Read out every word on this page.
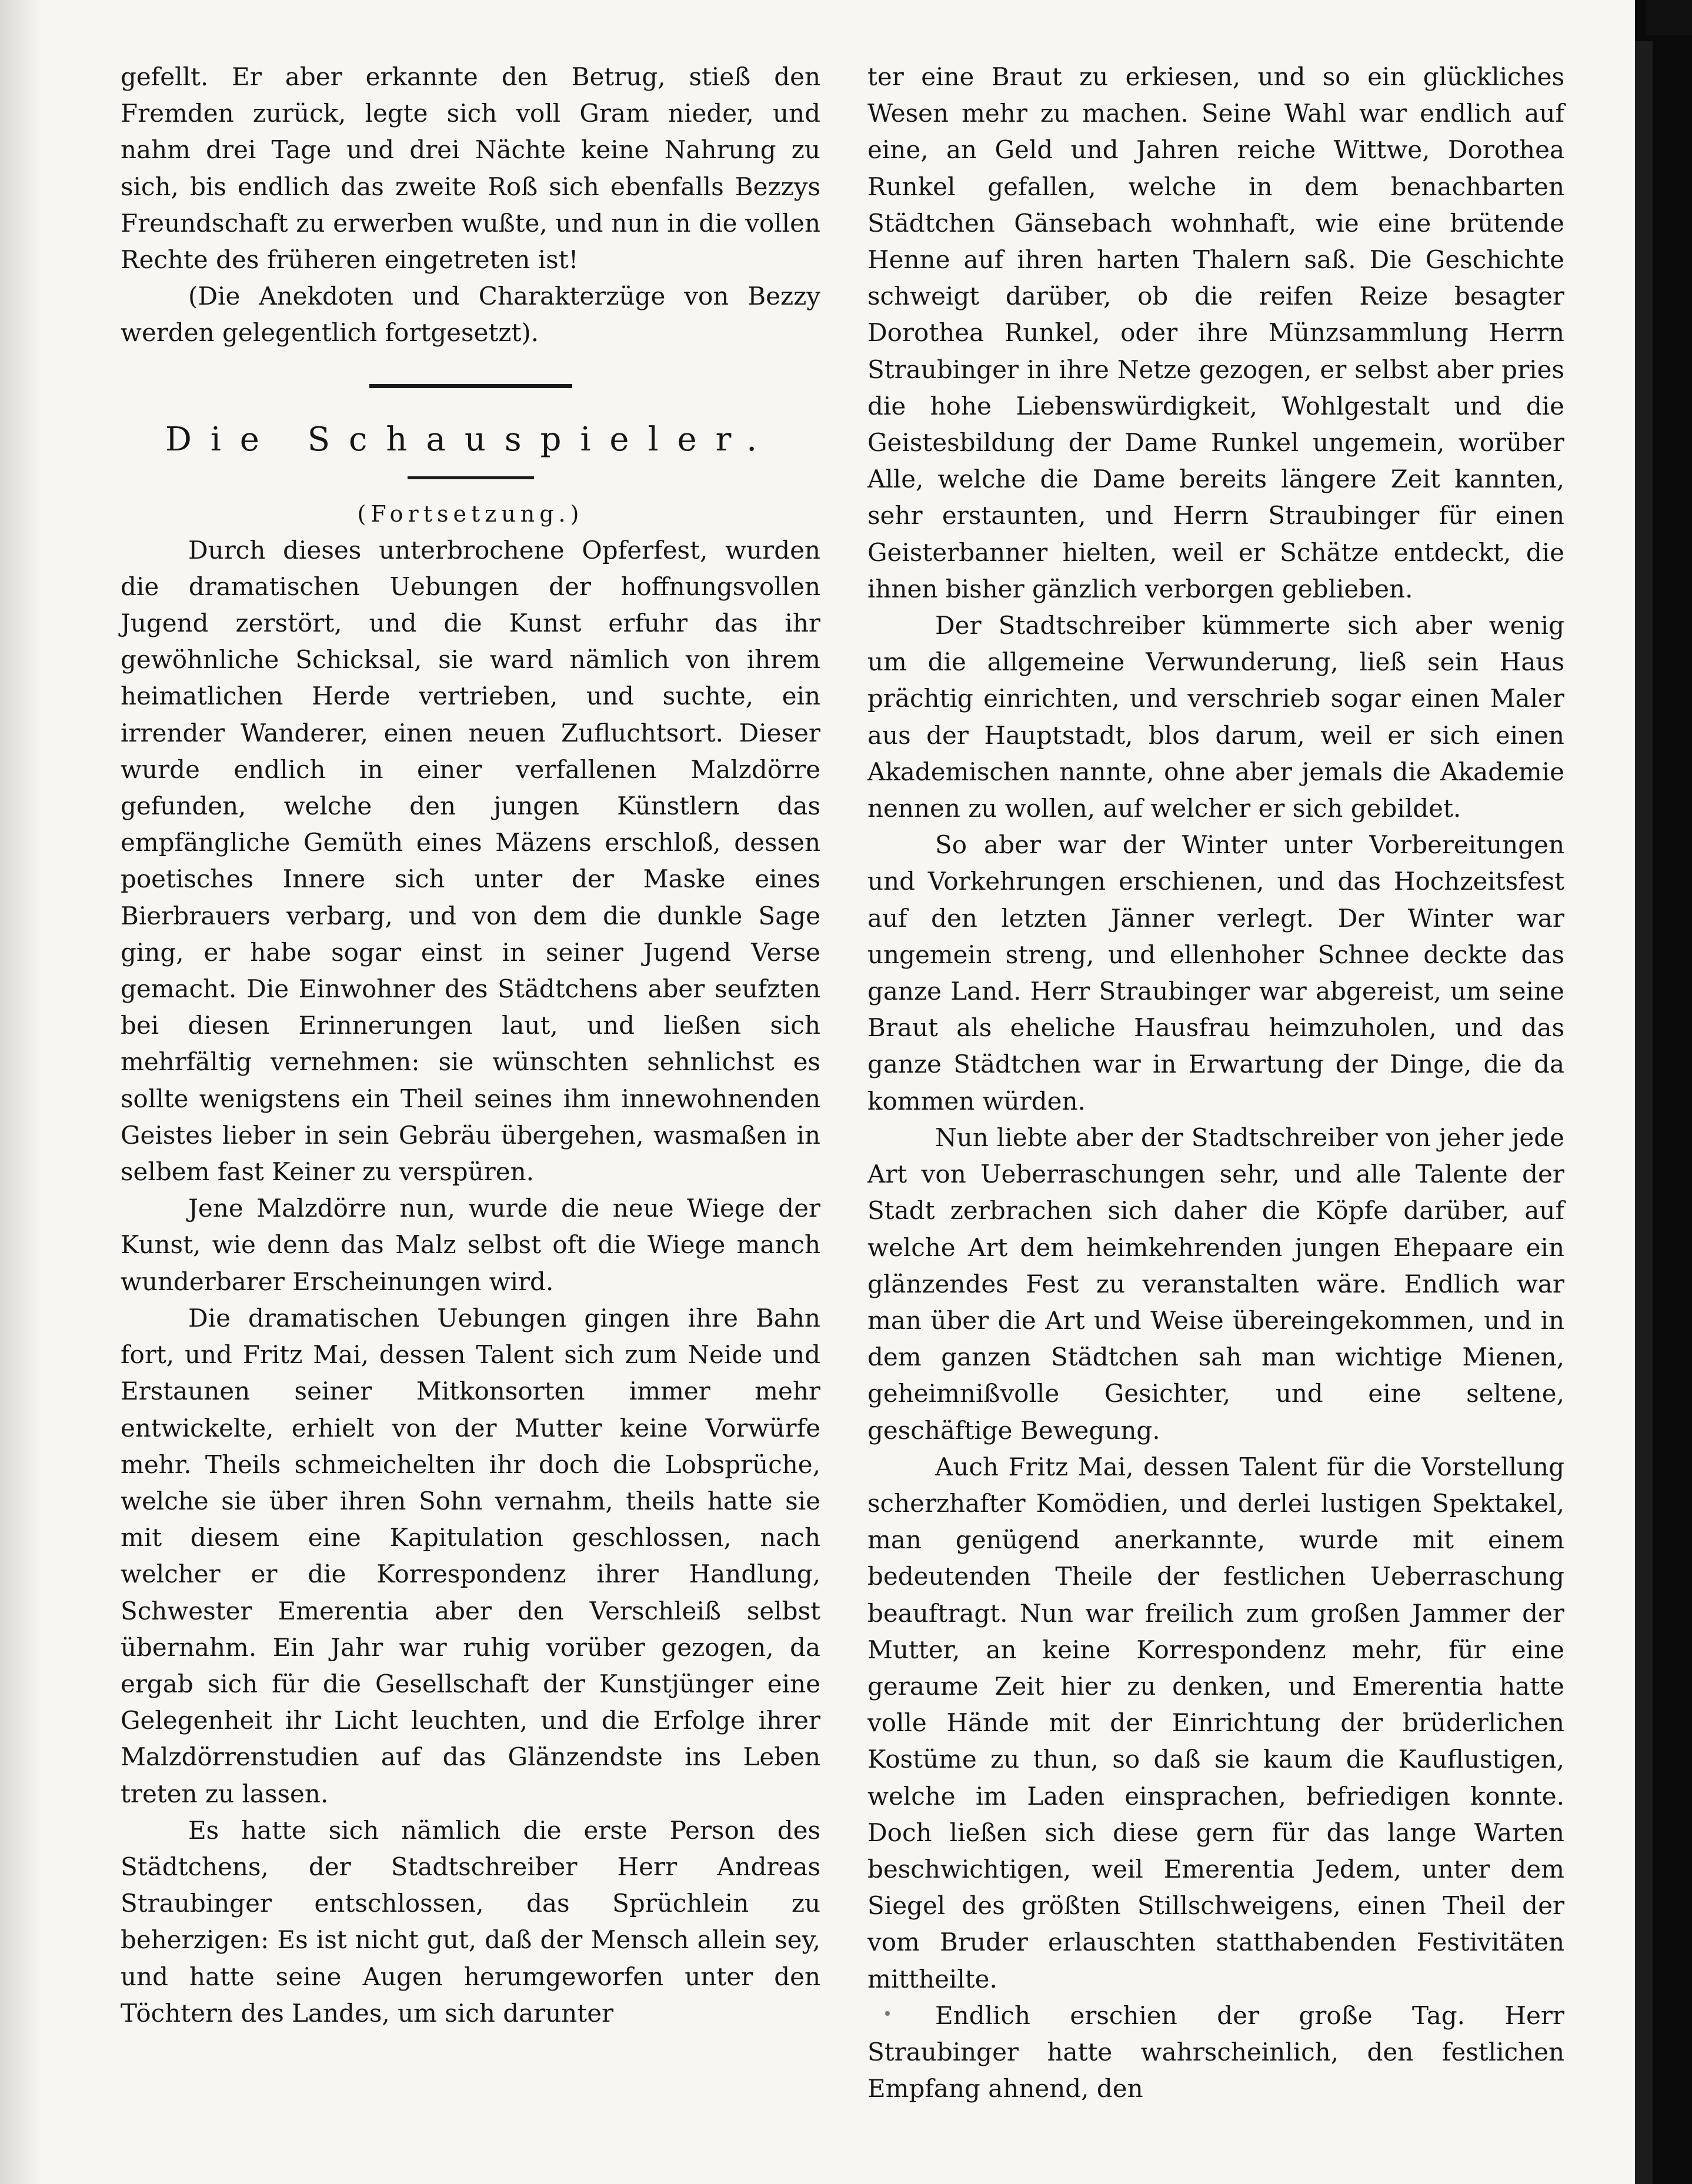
gefellt. Er aber erkannte den Betrug, stieß den Fremden zurück, legte sich voll Gram nieder, und nahm drei Tage und drei Nächte keine Nahrung zu sich, bis endlich das zweite Roß sich ebenfalls Bezzys Freundschaft zu erwerben wußte, und nun in die vollen Rechte des früheren eingetreten ist!

(Die Anekdoten und Charakterzüge von Bezzy werden gelegentlich fortgesetzt).

Die Schauspieler.
(Fortsetzung.)

Durch dieses unterbrochene Opferfest, wurden die dramatischen Uebungen der hoffnungsvollen Jugend zerstört, und die Kunst erfuhr das ihr gewöhnliche Schicksal, sie ward nämlich von ihrem heimatlichen Herde vertrieben, und suchte, ein irrender Wanderer, einen neuen Zufluchtsort. Dieser wurde endlich in einer verfallenen Malzdörre gefunden, welche den jungen Künstlern das empfängliche Gemüth eines Mäzens erschloß, dessen poetisches Innere sich unter der Maske eines Bierbrauers verbarg, und von dem die dunkle Sage ging, er habe sogar einst in seiner Jugend Verse gemacht. Die Einwohner des Städtchens aber seufzten bei diesen Erinnerungen laut, und ließen sich mehrfältig vernehmen: sie wünschten sehnlichst es sollte wenigstens ein Theil seines ihm innewohnenden Geistes lieber in sein Gebräu übergehen, wasmaßen in selbem fast Keiner zu verspüren.

Jene Malzdörre nun, wurde die neue Wiege der Kunst, wie denn das Malz selbst oft die Wiege manch wunderbarer Erscheinungen wird.

Die dramatischen Uebungen gingen ihre Bahn fort, und Fritz Mai, dessen Talent sich zum Neide und Erstaunen seiner Mitkonsorten immer mehr entwickelte, erhielt von der Mutter keine Vorwürfe mehr. Theils schmeichelten ihr doch die Lobsprüche, welche sie über ihren Sohn vernahm, theils hatte sie mit diesem eine Kapitulation geschlossen, nach welcher er die Korrespondenz ihrer Handlung, Schwester Emerentia aber den Verschleiß selbst übernahm. Ein Jahr war ruhig vorüber gezogen, da ergab sich für die Gesellschaft der Kunstjünger eine Gelegenheit ihr Licht leuchten, und die Erfolge ihrer Malzdörrenstudien auf das Glänzendste ins Leben treten zu lassen.

Es hatte sich nämlich die erste Person des Städtchens, der Stadtschreiber Herr Andreas Straubinger entschlossen, das Sprüchlein zu beherzigen: Es ist nicht gut, daß der Mensch allein sey, und hatte seine Augen herumgeworfen unter den Töchtern des Landes, um sich darunter

ter eine Braut zu erkiesen, und so ein glückliches Wesen mehr zu machen. Seine Wahl war endlich auf eine, an Geld und Jahren reiche Wittwe, Dorothea Runkel gefallen, welche in dem benachbarten Städtchen Gänsebach wohnhaft, wie eine brütende Henne auf ihren harten Thalern saß. Die Geschichte schweigt darüber, ob die reifen Reize besagter Dorothea Runkel, oder ihre Münzsammlung Herrn Straubinger in ihre Netze gezogen, er selbst aber pries die hohe Liebenswürdigkeit, Wohlgestalt und die Geistesbildung der Dame Runkel ungemein, worüber Alle, welche die Dame bereits längere Zeit kannten, sehr erstaunten, und Herrn Straubinger für einen Geisterbanner hielten, weil er Schätze entdeckt, die ihnen bisher gänzlich verborgen geblieben.

Der Stadtschreiber kümmerte sich aber wenig um die allgemeine Verwunderung, ließ sein Haus prächtig einrichten, und verschrieb sogar einen Maler aus der Hauptstadt, blos darum, weil er sich einen Akademischen nannte, ohne aber jemals die Akademie nennen zu wollen, auf welcher er sich gebildet.

So aber war der Winter unter Vorbereitungen und Vorkehrungen erschienen, und das Hochzeitsfest auf den letzten Jänner verlegt. Der Winter war ungemein streng, und ellenhoher Schnee deckte das ganze Land. Herr Straubinger war abgereist, um seine Braut als eheliche Hausfrau heimzuholen, und das ganze Städtchen war in Erwartung der Dinge, die da kommen würden.

Nun liebte aber der Stadtschreiber von jeher jede Art von Ueberraschungen sehr, und alle Talente der Stadt zerbrachen sich daher die Köpfe darüber, auf welche Art dem heimkehrenden jungen Ehepaare ein glänzendes Fest zu veranstalten wäre. Endlich war man über die Art und Weise übereingekommen, und in dem ganzen Städtchen sah man wichtige Mienen, geheimnißvolle Gesichter, und eine seltene, geschäftige Bewegung.

Auch Fritz Mai, dessen Talent für die Vorstellung scherzhafter Komödien, und derlei lustigen Spektakel, man genügend anerkannte, wurde mit einem bedeutenden Theile der festlichen Ueberraschung beauftragt. Nun war freilich zum großen Jammer der Mutter, an keine Korrespondenz mehr, für eine geraume Zeit hier zu denken, und Emerentia hatte volle Hände mit der Einrichtung der brüderlichen Kostüme zu thun, so daß sie kaum die Kauflustigen, welche im Laden einsprachen, befriedigen konnte. Doch ließen sich diese gern für das lange Warten beschwichtigen, weil Emerentia Jedem, unter dem Siegel des größten Stillschweigens, einen Theil der vom Bruder erlauschten statthabenden Festivitäten mittheilte.

Endlich erschien der große Tag. Herr Straubinger hatte wahrscheinlich, den festlichen Empfang ahnend, den
